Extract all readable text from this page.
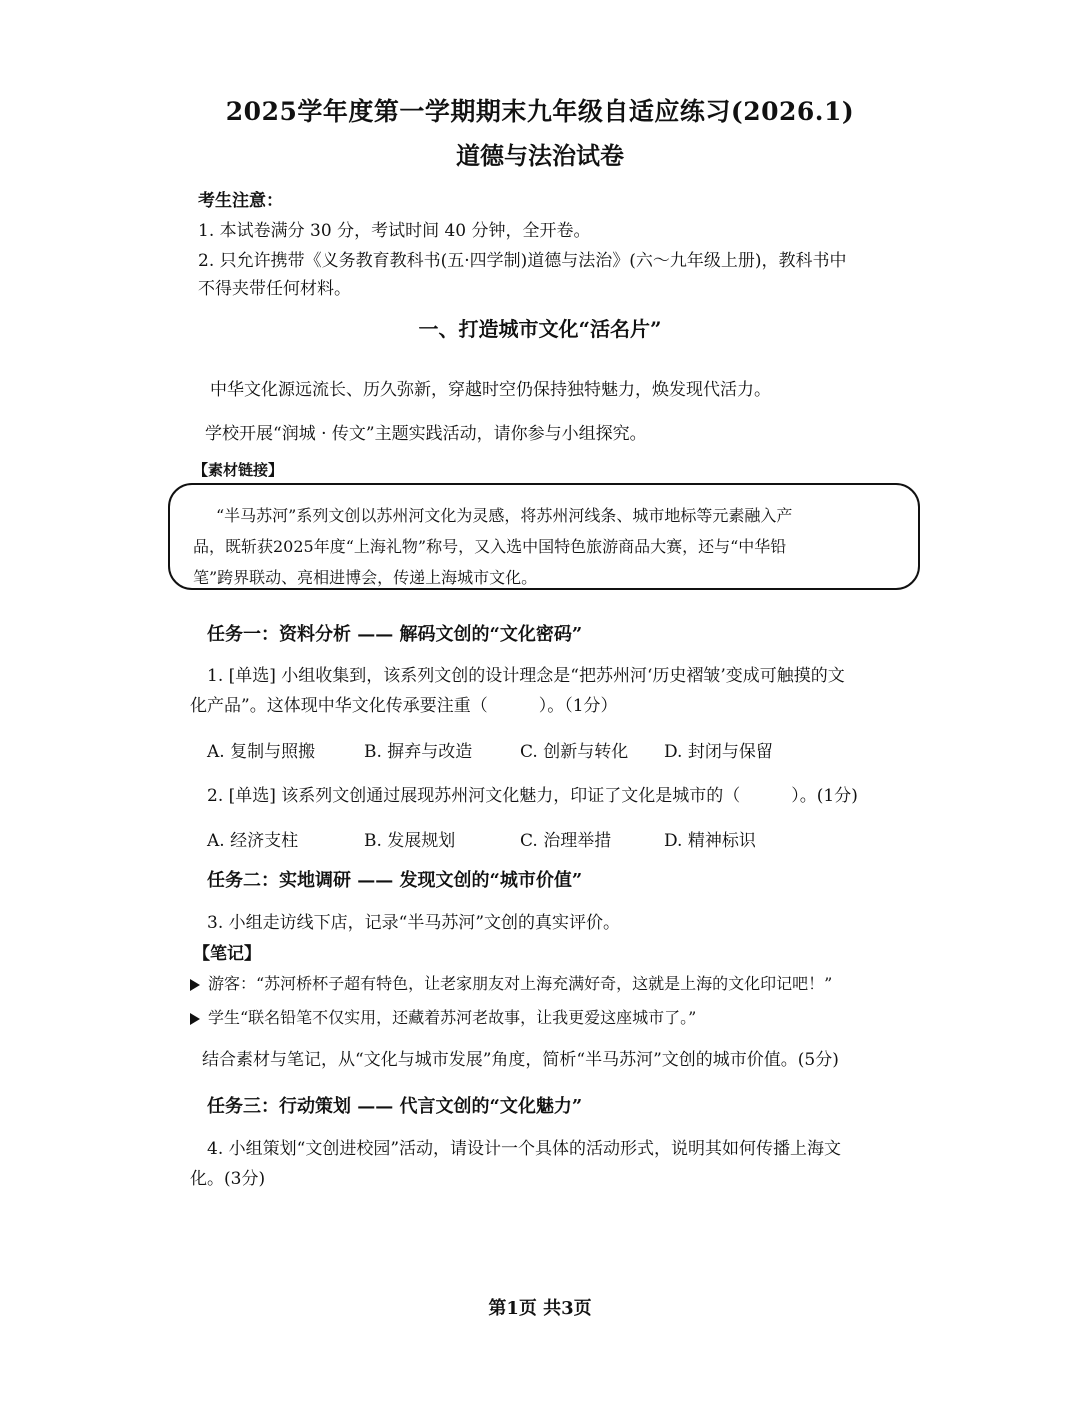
2025学年度第一学期期末九年级自适应练习(2026.1)
道德与法治试卷
考生注意：
1. 本试卷满分 30 分，考试时间 40 分钟，全开卷。
2. 只允许携带《义务教育教科书(五·四学制)道德与法治》(六～九年级上册)，教科书中
不得夹带任何材料。
一、打造城市文化“活名片”
中华文化源远流长、历久弥新，穿越时空仍保持独特魅力，焕发现代活力。
学校开展“润城 · 传文”主题实践活动，请你参与小组探究。
【素材链接】
“半马苏河”系列文创以苏州河文化为灵感，将苏州河线条、城市地标等元素融入产
品，既斩获2025年度“上海礼物”称号，又入选中国特色旅游商品大赛，还与“中华铅
笔”跨界联动、亮相进博会，传递上海城市文化。
任务一：资料分析 —— 解码文创的“文化密码”
1. [单选] 小组收集到，该系列文创的设计理念是“把苏州河‘历史褶皱’变成可触摸的文
化产品”。这体现中华文化传承要注重（　　　）。（1分）
A. 复制与照搬	B. 摒弃与改造	C. 创新与转化 D. 封闭与保留
2. [单选] 该系列文创通过展现苏州河文化魅力，印证了文化是城市的（　　　）。(1分)
A. 经济支柱	B. 发展规划	C. 治理举措	D. 精神标识
任务二：实地调研 —— 发现文创的“城市价值”
3. 小组走访线下店，记录“半马苏河”文创的真实评价。
【笔记】
游客：“苏河桥杯子超有特色，让老家朋友对上海充满好奇，这就是上海的文化印记吧！”
学生“联名铅笔不仅实用，还藏着苏河老故事，让我更爱这座城市了。”
结合素材与笔记，从“文化与城市发展”角度，简析“半马苏河”文创的城市价值。(5分)
任务三：行动策划 —— 代言文创的“文化魅力”
4. 小组策划“文创进校园”活动，请设计一个具体的活动形式，说明其如何传播上海文
化。(3分)
第1页 共3页
